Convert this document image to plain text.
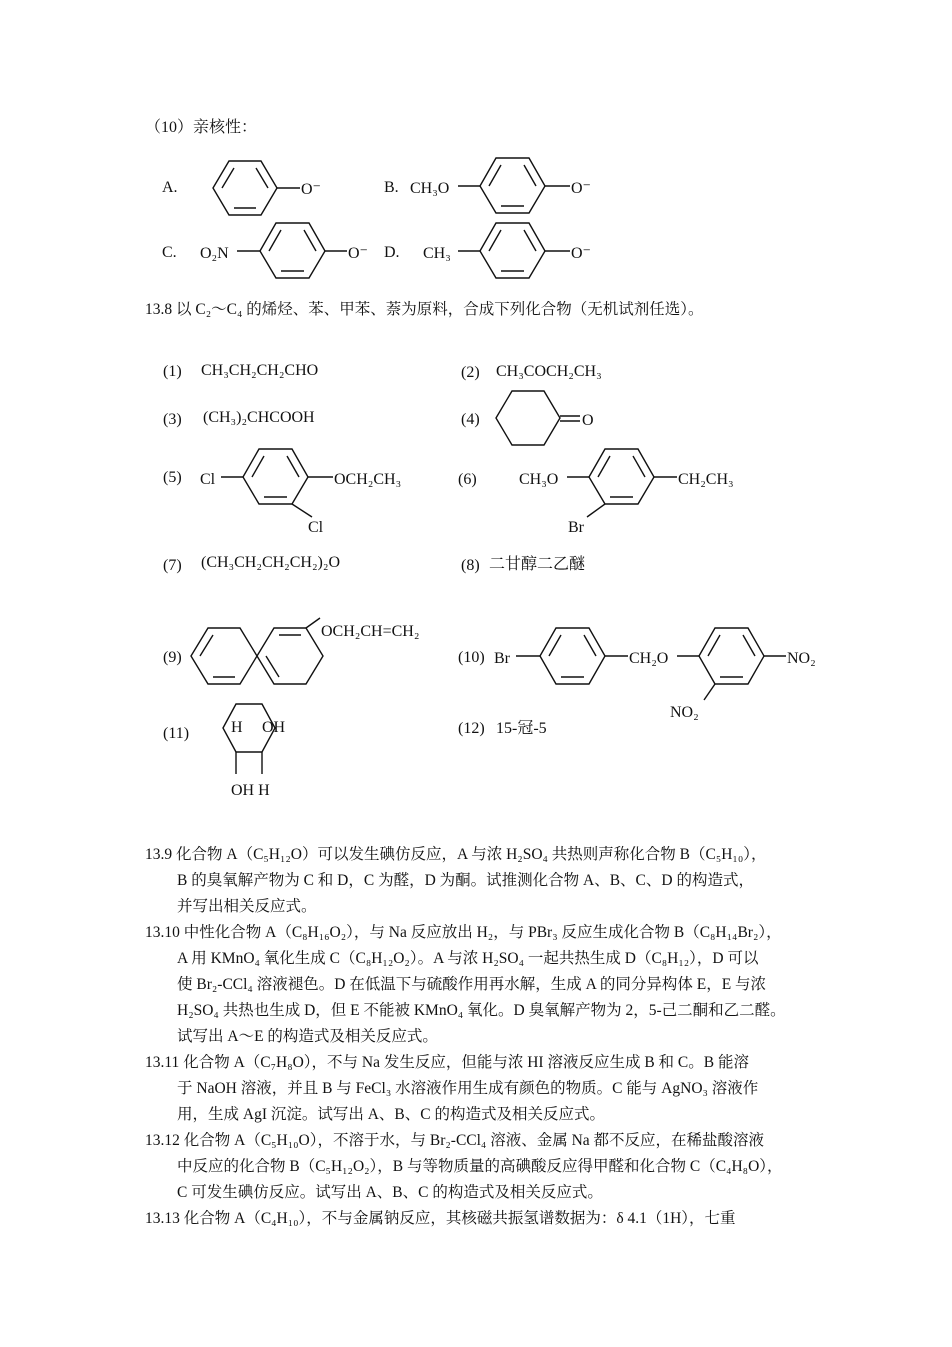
（10）亲核性：
A.	O⁻	B. CH₃O	O⁻
C. O₂N	O⁻ D. CH₃	O⁻
13.8 以 C₂～C₄ 的烯烃、苯、甲苯、萘为原料，合成下列化合物（无机试剂任选）。
(1) CH₃CH₂CH₂CHO	(2) CH₃COCH₂CH₃
(3) (CH₃)₂CHCOOH	(4)	O
(5) Cl	OCH₂CH₃
Cl
(6)	CH₃O	CH₂CH₃
Br
(7) (CH₃CH₂CH₂CH₂)₂O	(8) 二甘醇二乙醚
(9)
OCH₂CH=CH₂
(10) Br	CH₂O	NO₂
NO₂
(11)	H OH
OH H
(12) 15-冠-5

13.9 化合物 A（C₅H₁₂O）可以发生碘仿反应，A 与浓 H₂SO₄ 共热则声称化合物 B（C₅H₁₀），

B 的臭氧解产物为 C 和 D，C 为醛，D 为酮。试推测化合物 A、B、C、D 的构造式，

并写出相关反应式。

13.10 中性化合物 A（C₈H₁₆O₂），与 Na 反应放出 H₂，与 PBr₃ 反应生成化合物 B（C₈H₁₄Br₂），

A 用 KMnO₄ 氧化生成 C（C₈H₁₂O₂）。A 与浓 H₂SO₄ 一起共热生成 D（C₈H₁₂），D 可以

使 Br₂-CCl₄ 溶液褪色。D 在低温下与硫酸作用再水解，生成 A 的同分异构体 E，E 与浓

H₂SO₄ 共热也生成 D，但 E 不能被 KMnO₄ 氧化。D 臭氧解产物为 2，5-己二酮和乙二醛。

试写出 A～E 的构造式及相关反应式。

13.11 化合物 A（C₇H₈O），不与 Na 发生反应，但能与浓 HI 溶液反应生成 B 和 C。B 能溶

于 NaOH 溶液，并且 B 与 FeCl₃ 水溶液作用生成有颜色的物质。C 能与 AgNO₃ 溶液作

用，生成 AgI 沉淀。试写出 A、B、C 的构造式及相关反应式。

13.12 化合物 A（C₅H₁₀O），不溶于水，与 Br₂-CCl₄ 溶液、金属 Na 都不反应，在稀盐酸溶液

中反应的化合物 B（C₅H₁₂O₂），B 与等物质量的高碘酸反应得甲醛和化合物 C（C₄H₈O），

C 可发生碘仿反应。试写出 A、B、C 的构造式及相关反应式。

13.13 化合物 A（C₄H₁₀），不与金属钠反应，其核磁共振氢谱数据为：δ 4.1（1H），七重
